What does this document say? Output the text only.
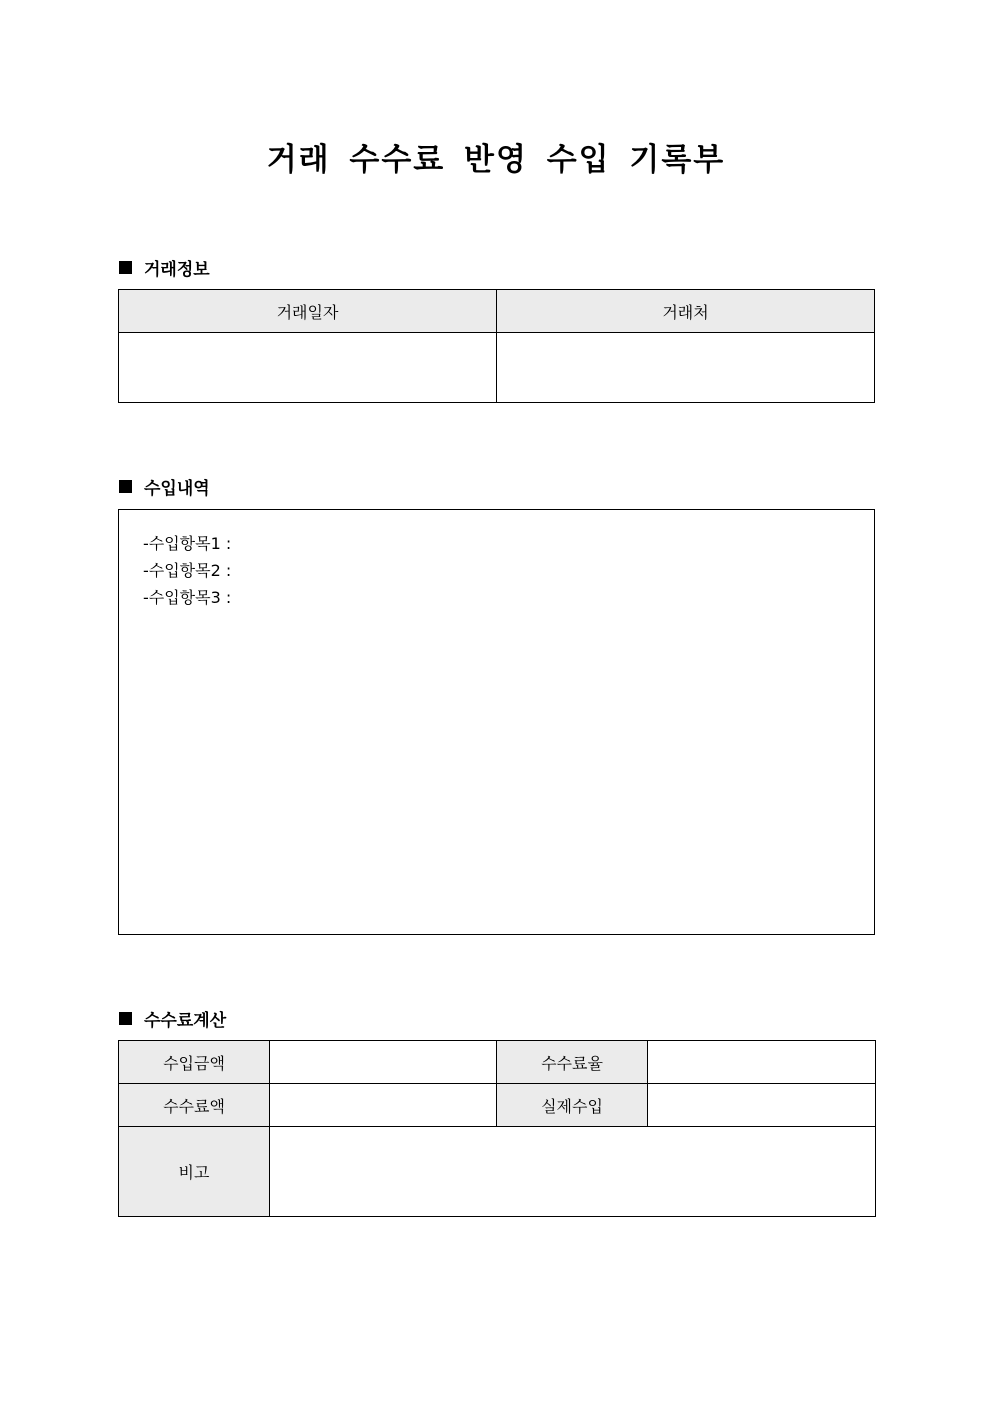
거래 수수료 반영 수입 기록부
거래정보
거래일자	거래처

수입내역
-수입항목1 :
-수입항목2 :
-수입항목3 :
수수료계산
수입금액		수수료율	
수수료액		실제수입	
비고			
